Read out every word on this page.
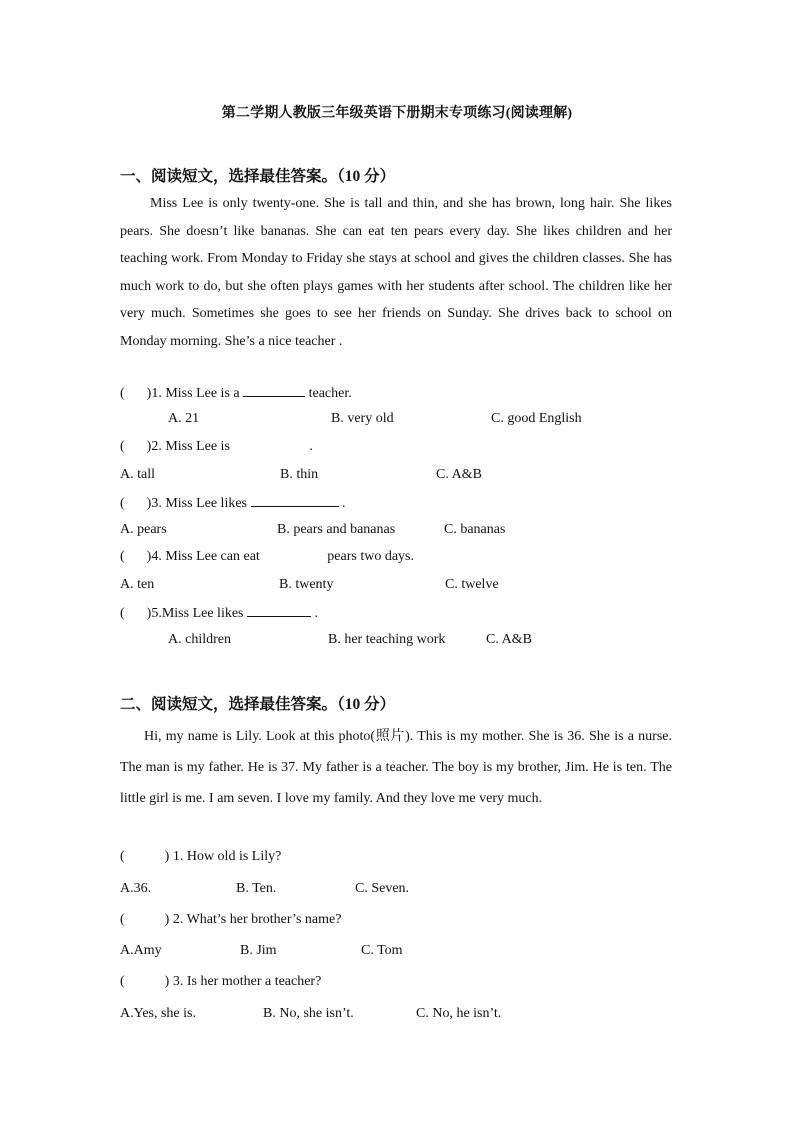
第二学期人教版三年级英语下册期末专项练习(阅读理解)
一、阅读短文，选择最佳答案。（10 分）

Miss Lee is only twenty-one. She is tall and thin, and she has brown, long hair. She likes pears. She doesn’t like bananas. She can eat ten pears every day. She likes children and her teaching work. From Monday to Friday she stays at school and gives the children classes. She has much work to do, but she often plays games with her students after school. The children like her very much. Sometimes she goes to see her friends on Sunday. She drives back to school on Monday morning. She’s a nice teacher .

( )1. Miss Lee is a	teacher.
A. 21	B. very old	C. good English
( )2. Miss Lee is	.
A. tall	B. thin	C. A&B
( )3. Miss Lee likes	.
A. pears	B. pears and bananas	C. bananas
( )4. Miss Lee can eat	pears two days.
A. ten	B. twenty	C. twelve
( )5.Miss Lee likes	.
A. children	B. her teaching work	C. A&B
二、阅读短文，选择最佳答案。（10 分）

Hi, my name is Lily. Look at this photo(照片). This is my mother. She is 36. She is a nurse. The man is my father. He is 37. My father is a teacher. The boy is my brother, Jim. He is ten. The little girl is me. I am seven. I love my family. And they love me very much.

(	) 1. How old is Lily?
A.36.	B. Ten.	C. Seven.
(	) 2. What’s her brother’s name?
A.Amy	B. Jim	C. Tom
(	) 3. Is her mother a teacher?
A.Yes, she is.	B. No, she isn’t.	C. No, he isn’t.
